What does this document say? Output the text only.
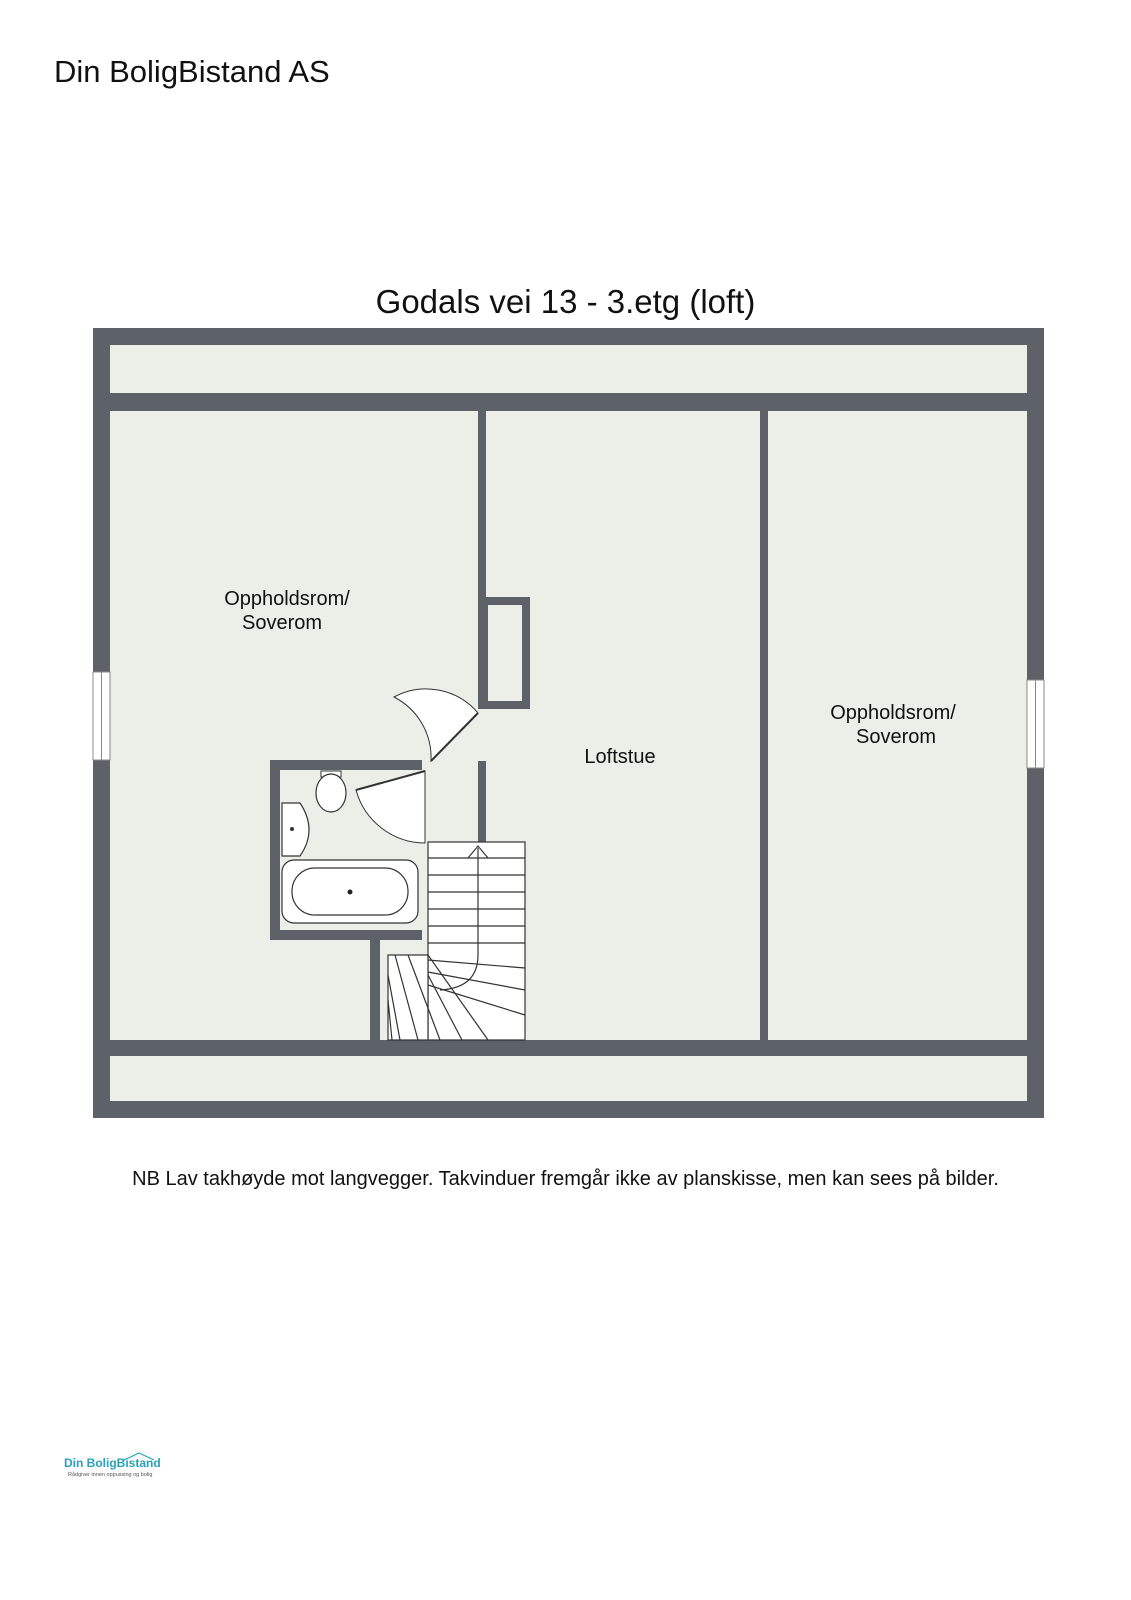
Din BoligBistand AS
Godals vei 13 - 3.etg (loft)
Oppholdsrom/
Soverom
Loftstue
Oppholdsrom/
Soverom
NB Lav takhøyde mot langvegger. Takvinduer fremgår ikke av planskisse, men kan sees på bilder.
Din BoligBistand
Rådgiver innen oppussing og bolig
